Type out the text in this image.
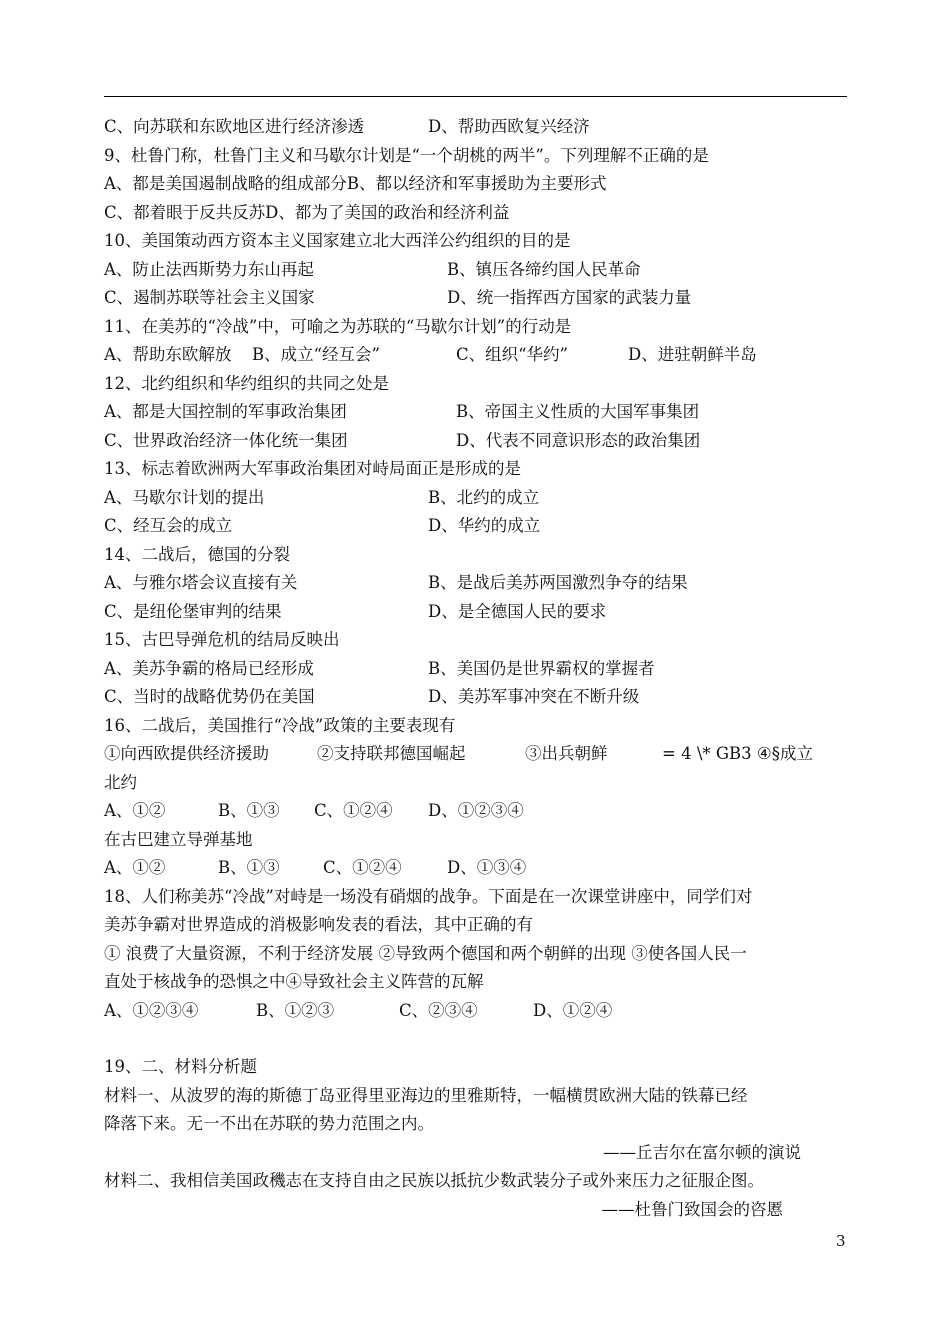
C、向苏联和东欧地区进行经济渗透	D、帮助西欧复兴经济
9、杜鲁门称，杜鲁门主义和马歇尔计划是“一个胡桃的两半”。下列理解不正确的是
A、都是美国遏制战略的组成部分B、都以经济和军事援助为主要形式
C、都着眼于反共反苏D、都为了美国的政治和经济利益
10、美国策动西方资本主义国家建立北大西洋公约组织的目的是
A、防止法西斯势力东山再起	B、镇压各缔约国人民革命
C、遏制苏联等社会主义国家	D、统一指挥西方国家的武装力量
11、在美苏的“冷战”中，可喻之为苏联的“马歇尔计划”的行动是
A、帮助东欧解放 B、成立“经互会”	C、组织“华约”	D、进驻朝鲜半岛
12、北约组织和华约组织的共同之处是
A、都是大国控制的军事政治集团	B、帝国主义性质的大国军事集团
C、世界政治经济一体化统一集团	D、代表不同意识形态的政治集团
13、标志着欧洲两大军事政治集团对峙局面正是形成的是
A、马歇尔计划的提出	B、北约的成立
C、经互会的成立	D、华约的成立
14、二战后，德国的分裂
A、与雅尔塔会议直接有关	B、是战后美苏两国激烈争夺的结果
C、是纽伦堡审判的结果	D、是全德国人民的要求
15、古巴导弹危机的结局反映出
A、美苏争霸的格局已经形成	B、美国仍是世界霸权的掌握者
C、当时的战略优势仍在美国	D、美苏军事冲突在不断升级
16、二战后，美国推行“冷战”政策的主要表现有
①向西欧提供经济援助	②支持联邦德国崛起	③出兵朝鲜	= 4 \* GB3 ④§成立
北约
A、①②	B、①③ C、①②④ D、①②③④
在古巴建立导弹基地
A、①②	B、①③	C、①②④	D、①③④
18、人们称美苏“冷战”对峙是一场没有硝烟的战争。下面是在一次课堂讲座中，同学们对
美苏争霸对世界造成的消极影响发表的看法，其中正确的有
① 浪费了大量资源，不利于经济发展 ②导致两个德国和两个朝鲜的出现 ③使各国人民一
直处于核战争的恐惧之中④导致社会主义阵营的瓦解
A、①②③④	B、①②③	C、②③④	D、①②④
19、二、材料分析题
材料一、从波罗的海的斯德丁岛亚得里亚海边的里雅斯特，一幅横贯欧洲大陆的铁幕已经
降落下来。无一不出在苏联的势力范围之内。
——丘吉尔在富尔顿的演说
材料二、我相信美国政穖志在支持自由之民族以抵抗少数武装分子或外来压力之征服企图。
——杜鲁门致国会的咨慝
3
